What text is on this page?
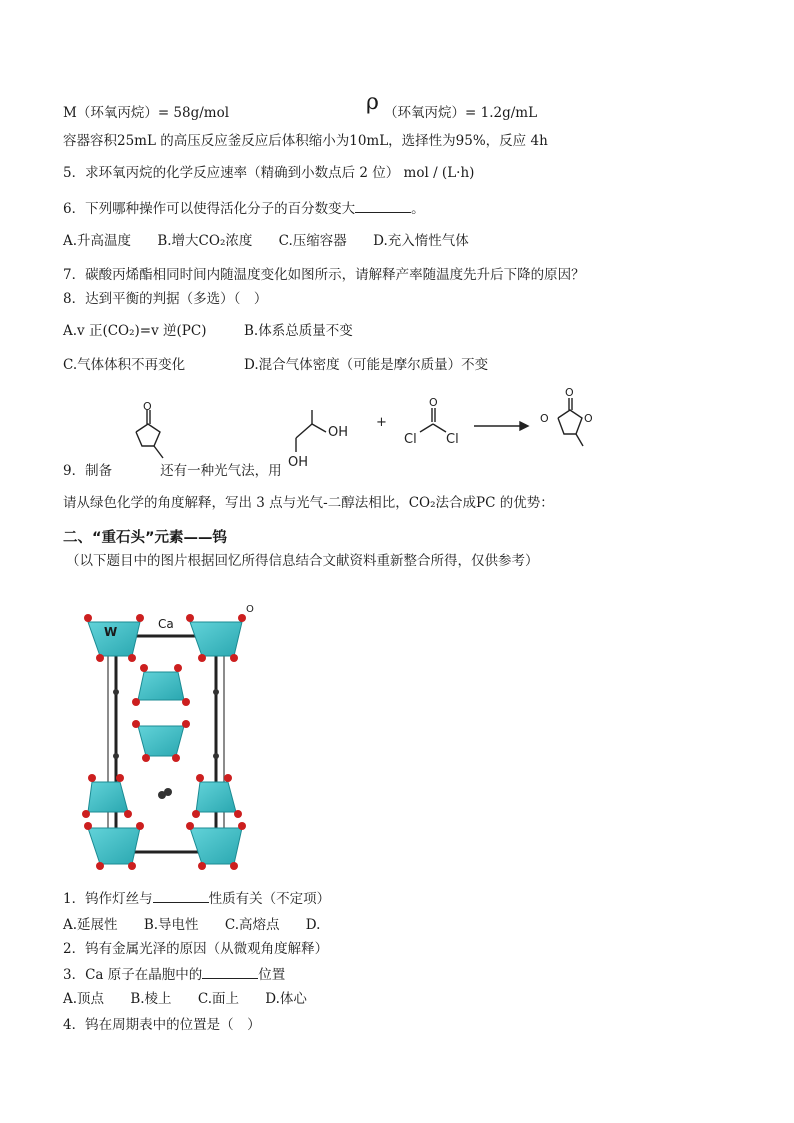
M（环氧丙烷）= 58g/mol	ρ （环氧丙烷）= 1.2g/mL
容器容积25mL 的高压反应釜反应后体积缩小为10mL，选择性为95%，反应 4h
5．求环氧丙烷的化学反应速率（精确到小数点后 2 位） mol / (L·h)
6．下列哪种操作可以使得活化分子的百分数变大	。
A.升高温度 B.增大CO₂浓度 C.压缩容器 D.充入惰性气体
7．碳酸丙烯酯相同时间内随温度变化如图所示，请解释产率随温度先升后下降的原因？
8．达到平衡的判据（多选）（　）
A.v 正(CO₂)=v 逆(PC)	B.体系总质量不变
C.气体体积不再变化	D.混合气体密度（可能是摩尔质量）不变
O
OH
OH
+
O
Cl Cl
O
O	O
9．制备	还有一种光气法，用
请从绿色化学的角度解释，写出 3 点与光气-二醇法相比，CO₂法合成PC 的优势：
二、“重石头”元素——钨
（以下题目中的图片根据回忆所得信息结合文献资料重新整合所得，仅供参考）
W
Ca
O
1．钨作灯丝与	性质有关（不定项）
A.延展性 B.导电性 C.高熔点 D.
2．钨有金属光泽的原因（从微观角度解释）
3．Ca 原子在晶胞中的	位置
A.顶点 B.棱上 C.面上 D.体心
4．钨在周期表中的位置是（　）
